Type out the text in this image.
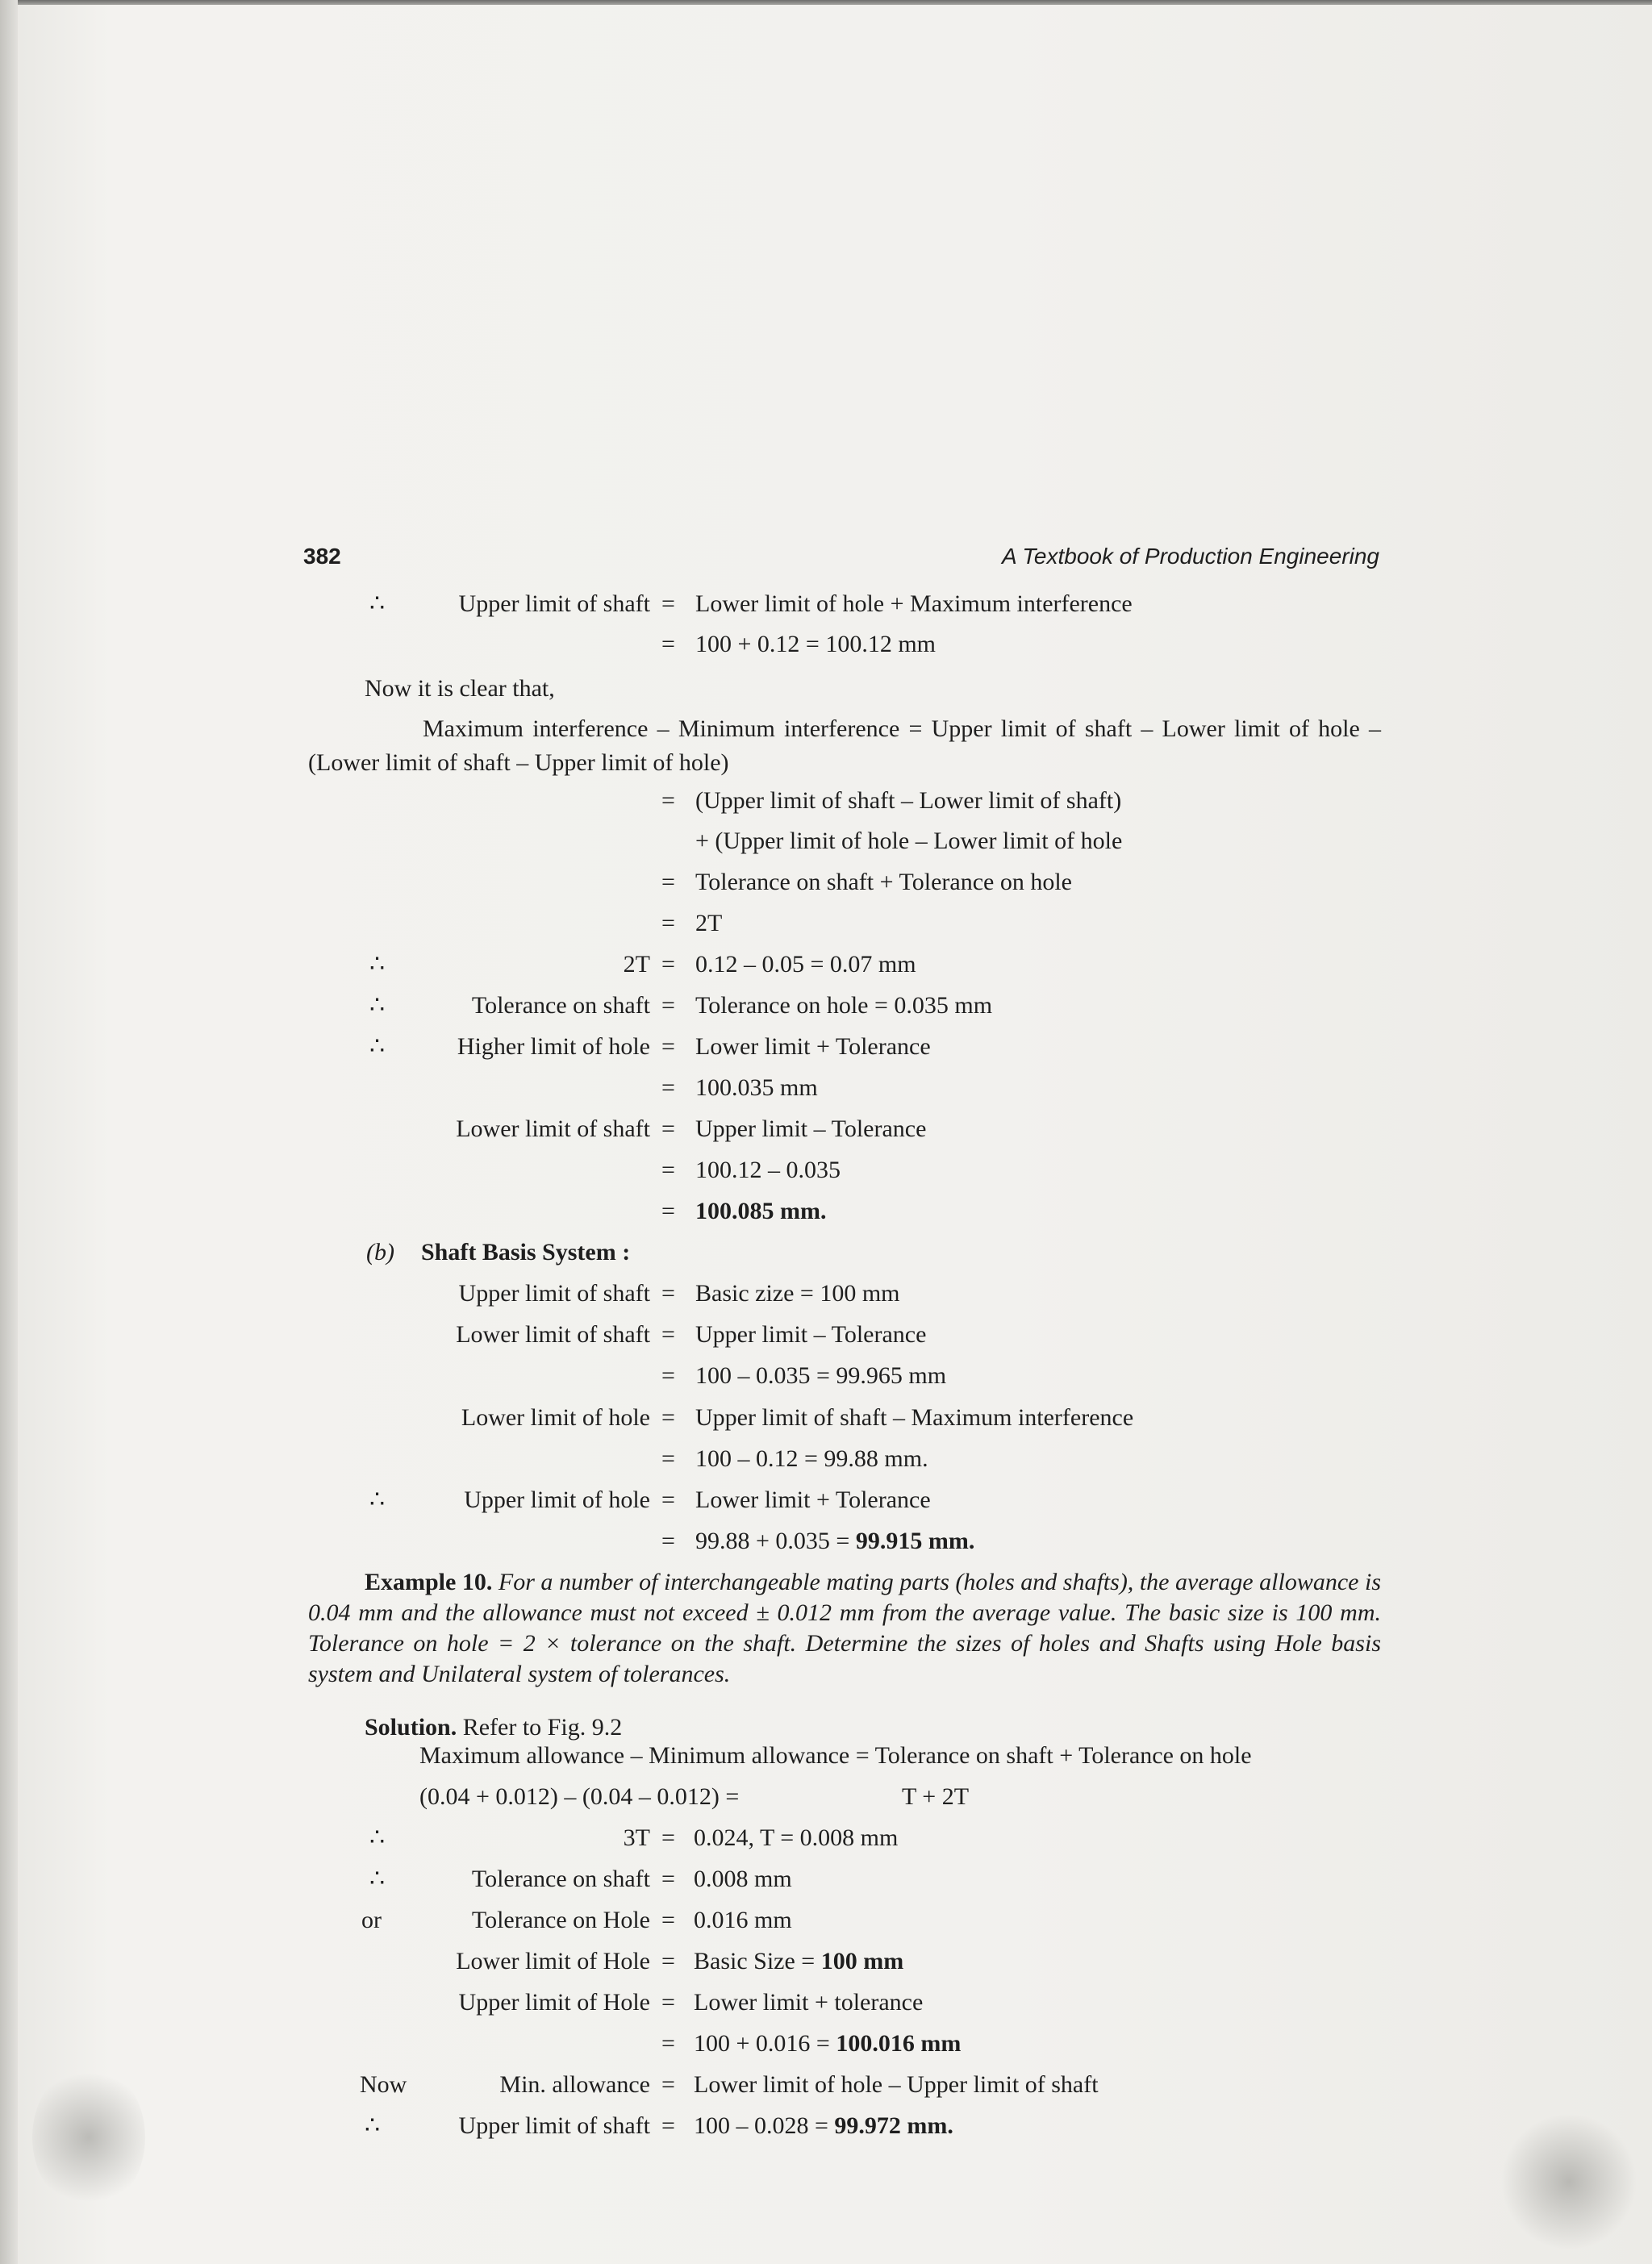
382	A Textbook of Production Engineering
∴	Upper limit of shaft = Lower limit of hole + Maximum interference
= 100 + 0.12 = 100.12 mm
Now it is clear that,
Maximum interference – Minimum interference = Upper limit of shaft – Lower limit of hole – (Lower limit of shaft – Upper limit of hole)
= (Upper limit of shaft – Lower limit of shaft)
+ (Upper limit of hole – Lower limit of hole
= Tolerance on shaft + Tolerance on hole
= 2T
∴	2T = 0.12 – 0.05 = 0.07 mm
∴	Tolerance on shaft = Tolerance on hole = 0.035 mm
∴	Higher limit of hole = Lower limit + Tolerance
= 100.035 mm
Lower limit of shaft = Upper limit – Tolerance
= 100.12 – 0.035
= 100.085 mm.
(b) Shaft Basis System :
Upper limit of shaft = Basic zize = 100 mm
Lower limit of shaft = Upper limit – Tolerance
= 100 – 0.035 = 99.965 mm
Lower limit of hole = Upper limit of shaft – Maximum interference
= 100 – 0.12 = 99.88 mm.
∴	Upper limit of hole = Lower limit + Tolerance
= 99.88 + 0.035 = 99.915 mm.
Example 10. For a number of interchangeable mating parts (holes and shafts), the average allowance is 0.04 mm and the allowance must not exceed ± 0.012 mm from the average value. The basic size is 100 mm. Tolerance on hole = 2 × tolerance on the shaft. Determine the sizes of holes and Shafts using Hole basis system and Unilateral system of tolerances.
Solution. Refer to Fig. 9.2
Maximum allowance – Minimum allowance = Tolerance on shaft + Tolerance on hole
(0.04 + 0.012) – (0.04 – 0.012) =	T + 2T
∴	3T = 0.024, T = 0.008 mm
∴	Tolerance on shaft = 0.008 mm
or	Tolerance on Hole = 0.016 mm
Lower limit of Hole = Basic Size = 100 mm
Upper limit of Hole = Lower limit + tolerance
= 100 + 0.016 = 100.016 mm
Now	Min. allowance = Lower limit of hole – Upper limit of shaft
∴	Upper limit of shaft = 100 – 0.028 = 99.972 mm.
